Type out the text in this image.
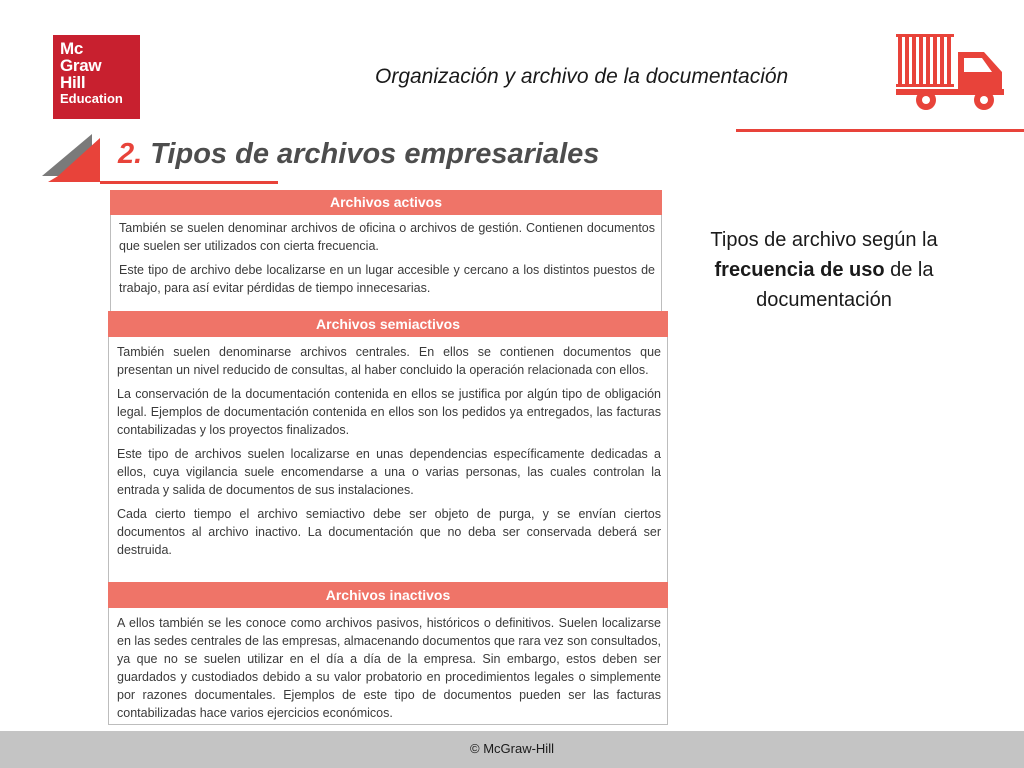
Mc
Graw
Hill
Education
Organización y archivo de la documentación
2. Tipos de archivos empresariales
Archivos activos

También se suelen denominar archivos de oficina o archivos de gestión. Contienen documentos que suelen ser utilizados con cierta frecuencia.

Este tipo de archivo debe localizarse en un lugar accesible y cercano a los distintos puestos de trabajo, para así evitar pérdidas de tiempo innecesarias.

Archivos semiactivos

También suelen denominarse archivos centrales. En ellos se contienen documentos que presentan un nivel reducido de consultas, al haber concluido la operación relacionada con ellos.

La conservación de la documentación contenida en ellos se justifica por algún tipo de obligación legal. Ejemplos de documentación contenida en ellos son los pedidos ya entregados, las facturas contabilizadas y los proyectos finalizados.

Este tipo de archivos suelen localizarse en unas dependencias específicamente dedicadas a ellos, cuya vigilancia suele encomendarse a una o varias personas, las cuales controlan la entrada y salida de documentos de sus instalaciones.

Cada cierto tiempo el archivo semiactivo debe ser objeto de purga, y se envían ciertos documentos al archivo inactivo. La documentación que no deba ser conservada deberá ser destruida.

Archivos inactivos

A ellos también se les conoce como archivos pasivos, históricos o definitivos. Suelen localizarse en las sedes centrales de las empresas, almacenando documentos que rara vez son consultados, ya que no se suelen utilizar en el día a día de la empresa. Sin embargo, estos deben ser guardados y custodiados debido a su valor probatorio en procedimientos legales o simplemente por razones documentales. Ejemplos de este tipo de documentos pueden ser las facturas contabilizadas hace varios ejercicios económicos.

Tipos de archivo según la frecuencia de uso de la documentación
© McGraw-Hill
